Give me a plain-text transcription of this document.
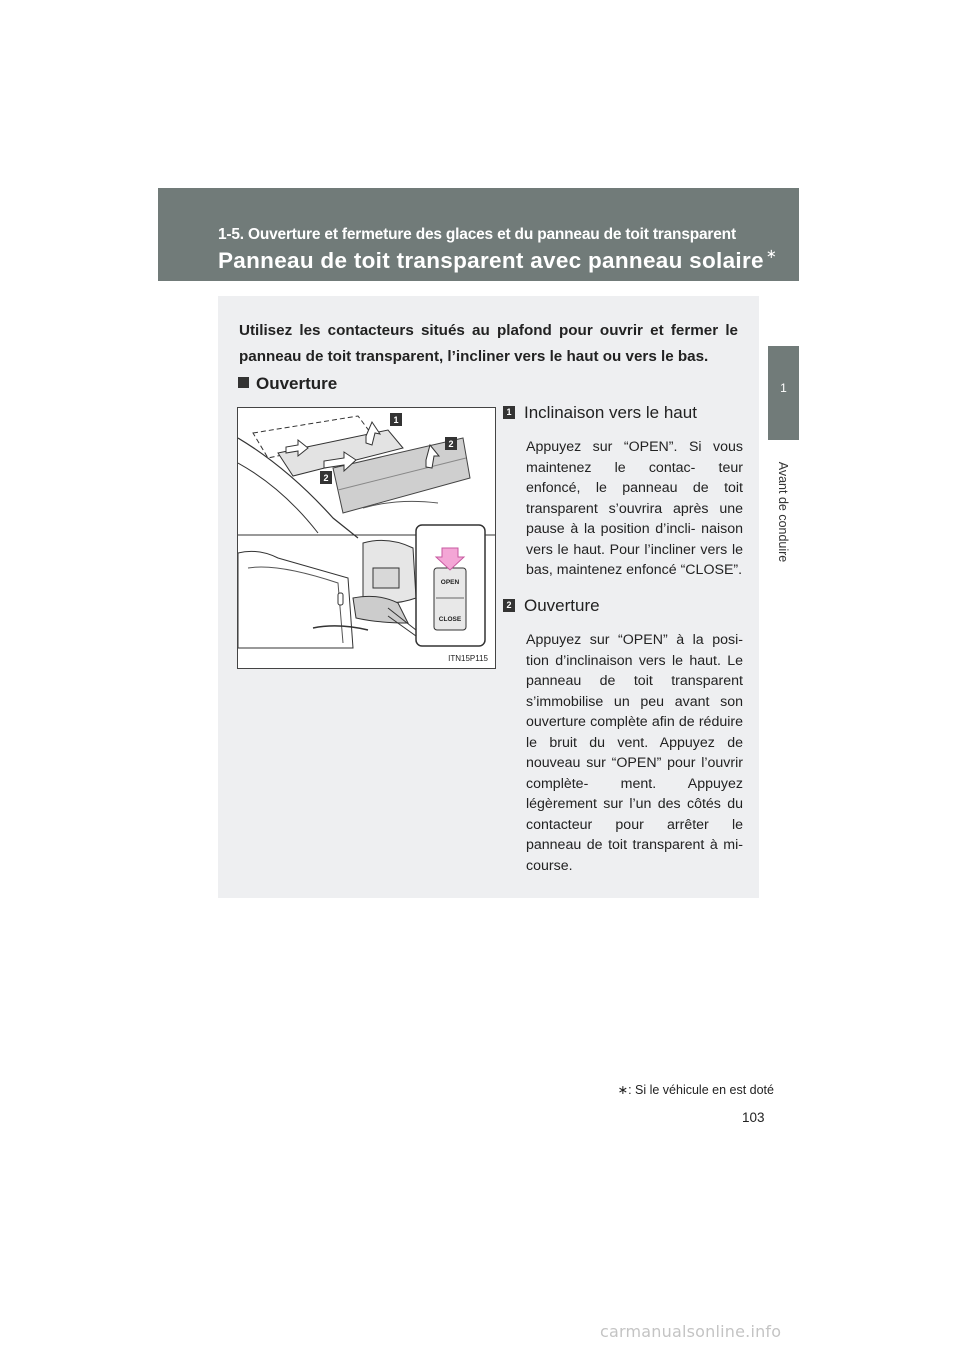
1-5. Ouverture et fermeture des glaces et du panneau de toit transparent
Panneau de toit transparent avec panneau solaire ∗
1
Avant de conduire
Utilisez les contacteurs situés au plafond pour ouvrir et fermer le panneau de toit transparent, l’incliner vers le haut ou vers le bas.
Ouverture
1
2
2
OPEN
CLOSE
ITN15P115
1 Inclinaison vers le haut
Appuyez sur “OPEN”. Si vous maintenez le contac- teur enfoncé, le panneau de toit transparent s’ouvrira après une pause à la position d’incli- naison vers le haut. Pour l’incliner vers le bas, maintenez enfoncé “CLOSE”.
2 Ouverture
Appuyez sur “OPEN” à la posi- tion d’inclinaison vers le haut. Le panneau de toit transparent s’immobilise un peu avant son ouverture complète afin de réduire le bruit du vent. Appuyez de nouveau sur “OPEN” pour l’ouvrir complète- ment. Appuyez légèrement sur l’un des côtés du contacteur pour arrêter le panneau de toit transparent à mi-course.
∗: Si le véhicule en est doté
103
carmanualsonline.info
